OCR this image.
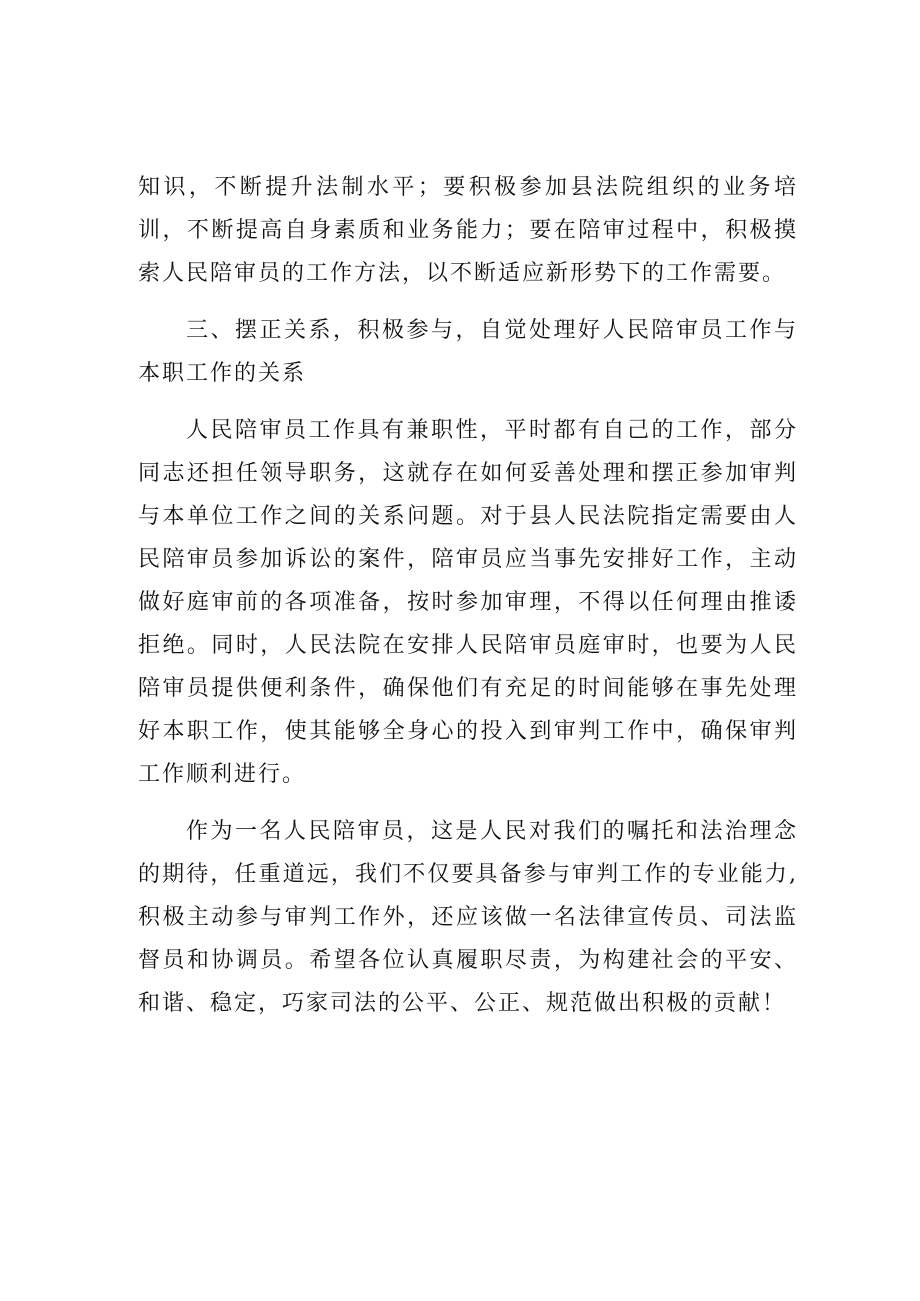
知识，不断提升法制水平；要积极参加县法院组织的业务培训，不断提高自身素质和业务能力；要在陪审过程中，积极摸索人民陪审员的工作方法，以不断适应新形势下的工作需要。

三、摆正关系，积极参与，自觉处理好人民陪审员工作与本职工作的关系

人民陪审员工作具有兼职性，平时都有自己的工作，部分同志还担任领导职务，这就存在如何妥善处理和摆正参加审判与本单位工作之间的关系问题。对于县人民法院指定需要由人民陪审员参加诉讼的案件，陪审员应当事先安排好工作，主动做好庭审前的各项准备，按时参加审理，不得以任何理由推诿拒绝。同时，人民法院在安排人民陪审员庭审时，也要为人民陪审员提供便利条件，确保他们有充足的时间能够在事先处理好本职工作，使其能够全身心的投入到审判工作中，确保审判工作顺利进行。

作为一名人民陪审员，这是人民对我们的嘱托和法治理念的期待，任重道远，我们不仅要具备参与审判工作的专业能力,积极主动参与审判工作外，还应该做一名法律宣传员、司法监督员和协调员。希望各位认真履职尽责，为构建社会的平安、和谐、稳定，巧家司法的公平、公正、规范做出积极的贡献！
